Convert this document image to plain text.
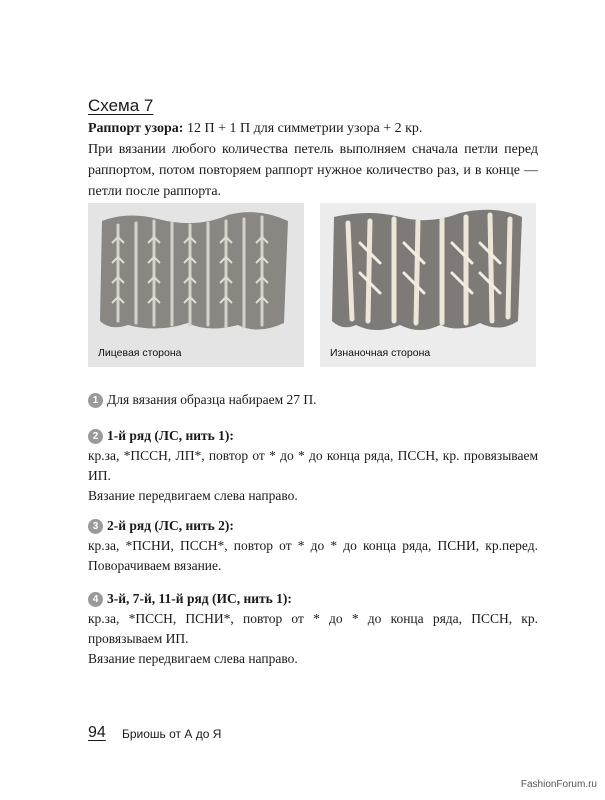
Схема 7
Раппорт узора: 12 П + 1 П для симметрии узора + 2 кр.
При вязании любого количества петель выполняем сначала петли перед раппортом, потом повторяем раппорт нужное количество раз, и в конце — петли после раппорта.
Лицевая сторона	Изнаночная сторона
1 Для вязания образца набираем 27 П.
2 1-й ряд (ЛС, нить 1):
кр.за, *ПССН, ЛП*, повтор от * до * до конца ряда, ПССН, кр. провязываем ИП.
Вязание передвигаем слева направо.
3 2-й ряд (ЛС, нить 2):
кр.за, *ПСНИ, ПССН*, повтор от * до * до конца ряда, ПСНИ, кр.перед. Поворачиваем вязание.
4 3-й, 7-й, 11-й ряд (ИС, нить 1):
кр.за, *ПССН, ПСНИ*, повтор от * до * до конца ряда, ПССН, кр. провязываем ИП.
Вязание передвигаем слева направо.
94 Бриошь от А до Я
FashionForum.ru
